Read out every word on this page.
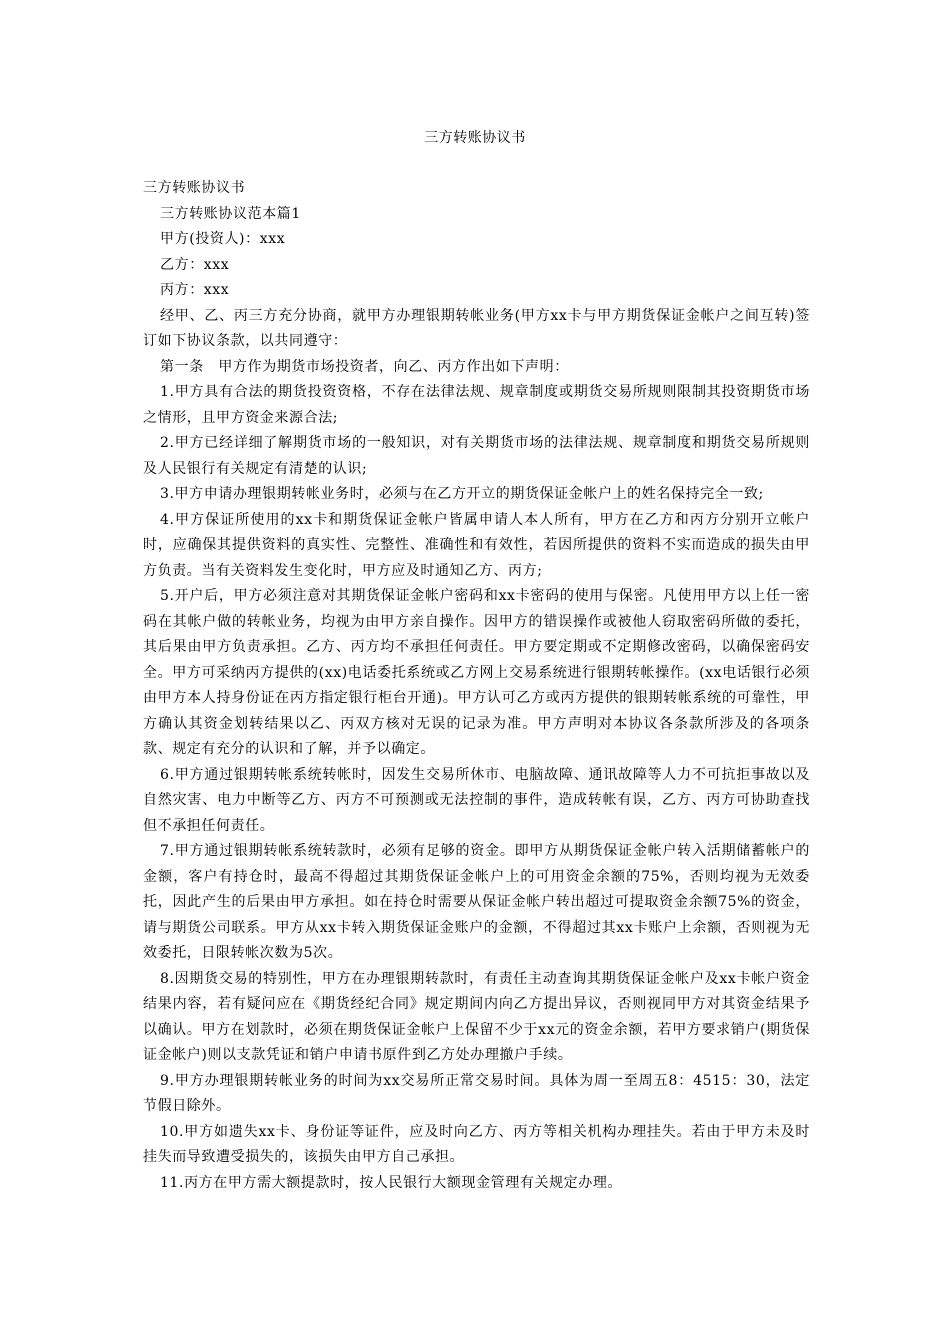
三方转账协议书

三方转账协议书

三方转账协议范本篇1

甲方(投资人)：xxx

乙方：xxx

丙方：xxx

经甲、乙、丙三方充分协商，就甲方办理银期转帐业务(甲方xx卡与甲方期货保证金帐户之间互转)签订如下协议条款，以共同遵守：

第一条　甲方作为期货市场投资者，向乙、丙方作出如下声明：

1.甲方具有合法的期货投资资格，不存在法律法规、规章制度或期货交易所规则限制其投资期货市场之情形，且甲方资金来源合法;

2.甲方已经详细了解期货市场的一般知识，对有关期货市场的法律法规、规章制度和期货交易所规则及人民银行有关规定有清楚的认识;

3.甲方申请办理银期转帐业务时，必须与在乙方开立的期货保证金帐户上的姓名保持完全一致;

4.甲方保证所使用的xx卡和期货保证金帐户皆属申请人本人所有，甲方在乙方和丙方分别开立帐户时，应确保其提供资料的真实性、完整性、准确性和有效性，若因所提供的资料不实而造成的损失由甲方负责。当有关资料发生变化时，甲方应及时通知乙方、丙方;

5.开户后，甲方必须注意对其期货保证金帐户密码和xx卡密码的使用与保密。凡使用甲方以上任一密码在其帐户做的转帐业务，均视为由甲方亲自操作。因甲方的错误操作或被他人窃取密码所做的委托，其后果由甲方负责承担。乙方、丙方均不承担任何责任。甲方要定期或不定期修改密码，以确保密码安全。甲方可采纳丙方提供的(xx)电话委托系统或乙方网上交易系统进行银期转帐操作。(xx电话银行必须由甲方本人持身份证在丙方指定银行柜台开通)。甲方认可乙方或丙方提供的银期转帐系统的可靠性，甲方确认其资金划转结果以乙、丙双方核对无误的记录为准。甲方声明对本协议各条款所涉及的各项条款、规定有充分的认识和了解，并予以确定。

6.甲方通过银期转帐系统转帐时，因发生交易所休市、电脑故障、通讯故障等人力不可抗拒事故以及自然灾害、电力中断等乙方、丙方不可预测或无法控制的事件，造成转帐有误，乙方、丙方可协助查找但不承担任何责任。

7.甲方通过银期转帐系统转款时，必须有足够的资金。即甲方从期货保证金帐户转入活期储蓄帐户的金额，客户有持仓时，最高不得超过其期货保证金帐户上的可用资金余额的75%，否则均视为无效委托，因此产生的后果由甲方承担。如在持仓时需要从保证金帐户转出超过可提取资金余额75%的资金，请与期货公司联系。甲方从xx卡转入期货保证金账户的金额，不得超过其xx卡账户上余额，否则视为无效委托，日限转帐次数为5次。

8.因期货交易的特别性，甲方在办理银期转款时，有责任主动查询其期货保证金帐户及xx卡帐户资金结果内容，若有疑问应在《期货经纪合同》规定期间内向乙方提出异议，否则视同甲方对其资金结果予以确认。甲方在划款时，必须在期货保证金帐户上保留不少于xx元的资金余额，若甲方要求销户(期货保证金帐户)则以支款凭证和销户申请书原件到乙方处办理撤户手续。

9.甲方办理银期转帐业务的时间为xx交易所正常交易时间。具体为周一至周五8：4515：30，法定节假日除外。

10.甲方如遗失xx卡、身份证等证件，应及时向乙方、丙方等相关机构办理挂失。若由于甲方未及时挂失而导致遭受损失的，该损失由甲方自己承担。

11.丙方在甲方需大额提款时，按人民银行大额现金管理有关规定办理。
